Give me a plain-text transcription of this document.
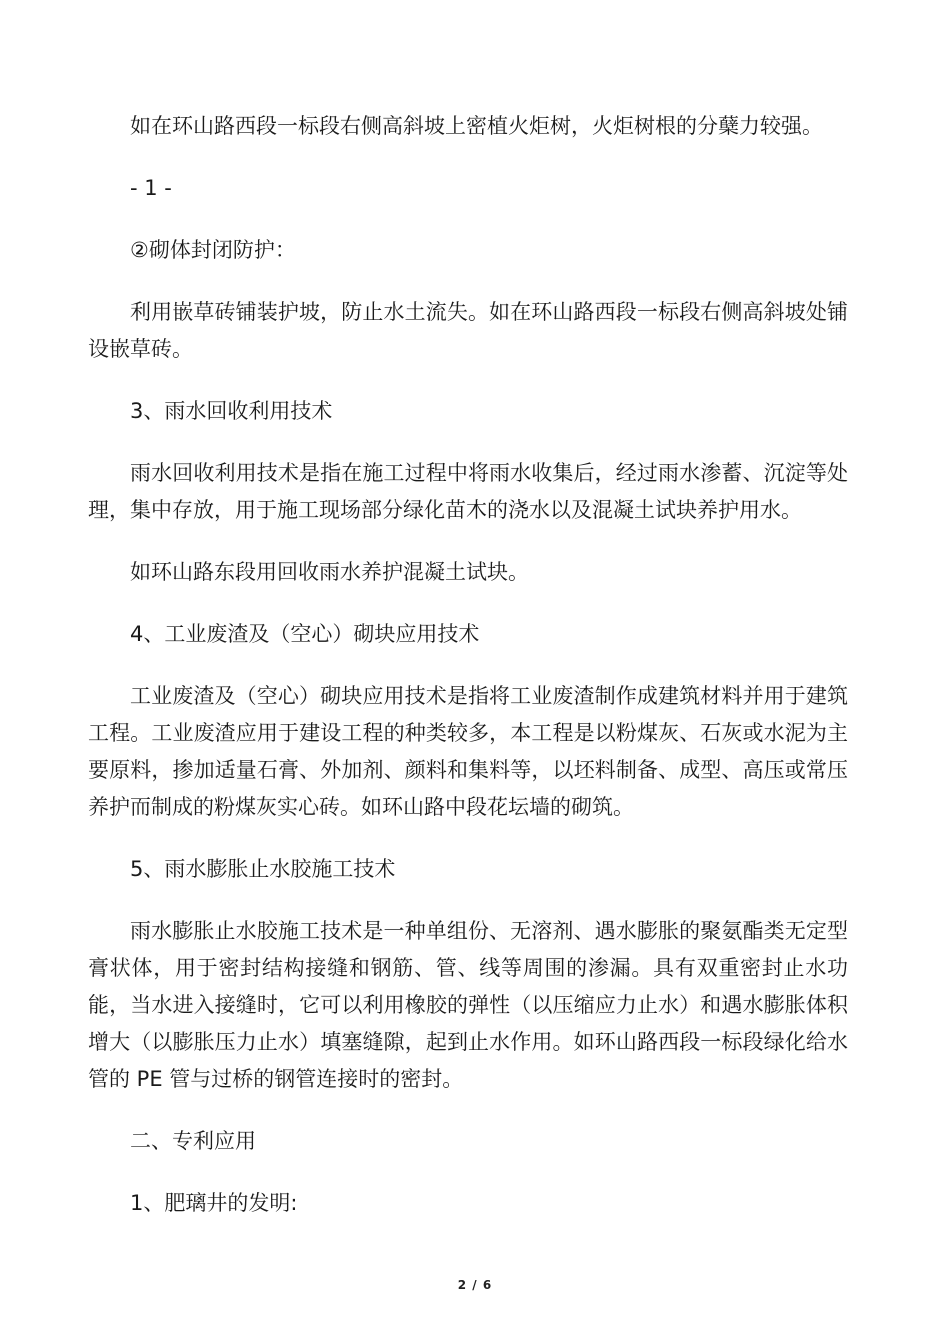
如在环山路西段一标段右侧高斜坡上密植火炬树，火炬树根的分蘖力较强。

- 1 -

②砌体封闭防护：

利用嵌草砖铺装护坡，防止水土流失。如在环山路西段一标段右侧高斜坡处铺设嵌草砖。

3、雨水回收利用技术

雨水回收利用技术是指在施工过程中将雨水收集后，经过雨水渗蓄、沉淀等处理，集中存放，用于施工现场部分绿化苗木的浇水以及混凝土试块养护用水。

如环山路东段用回收雨水养护混凝土试块。

4、工业废渣及（空心）砌块应用技术

工业废渣及（空心）砌块应用技术是指将工业废渣制作成建筑材料并用于建筑工程。工业废渣应用于建设工程的种类较多，本工程是以粉煤灰、石灰或水泥为主要原料，掺加适量石膏、外加剂、颜料和集料等，以坯料制备、成型、高压或常压养护而制成的粉煤灰实心砖。如环山路中段花坛墙的砌筑。

5、雨水膨胀止水胶施工技术

雨水膨胀止水胶施工技术是一种单组份、无溶剂、遇水膨胀的聚氨酯类无定型膏状体，用于密封结构接缝和钢筋、管、线等周围的渗漏。具有双重密封止水功能，当水进入接缝时，它可以利用橡胶的弹性（以压缩应力止水）和遇水膨胀体积增大（以膨胀压力止水）填塞缝隙，起到止水作用。如环山路西段一标段绿化给水管的 PE 管与过桥的钢管连接时的密封。

二、专利应用

1、肥璃井的发明:

2 / 6
